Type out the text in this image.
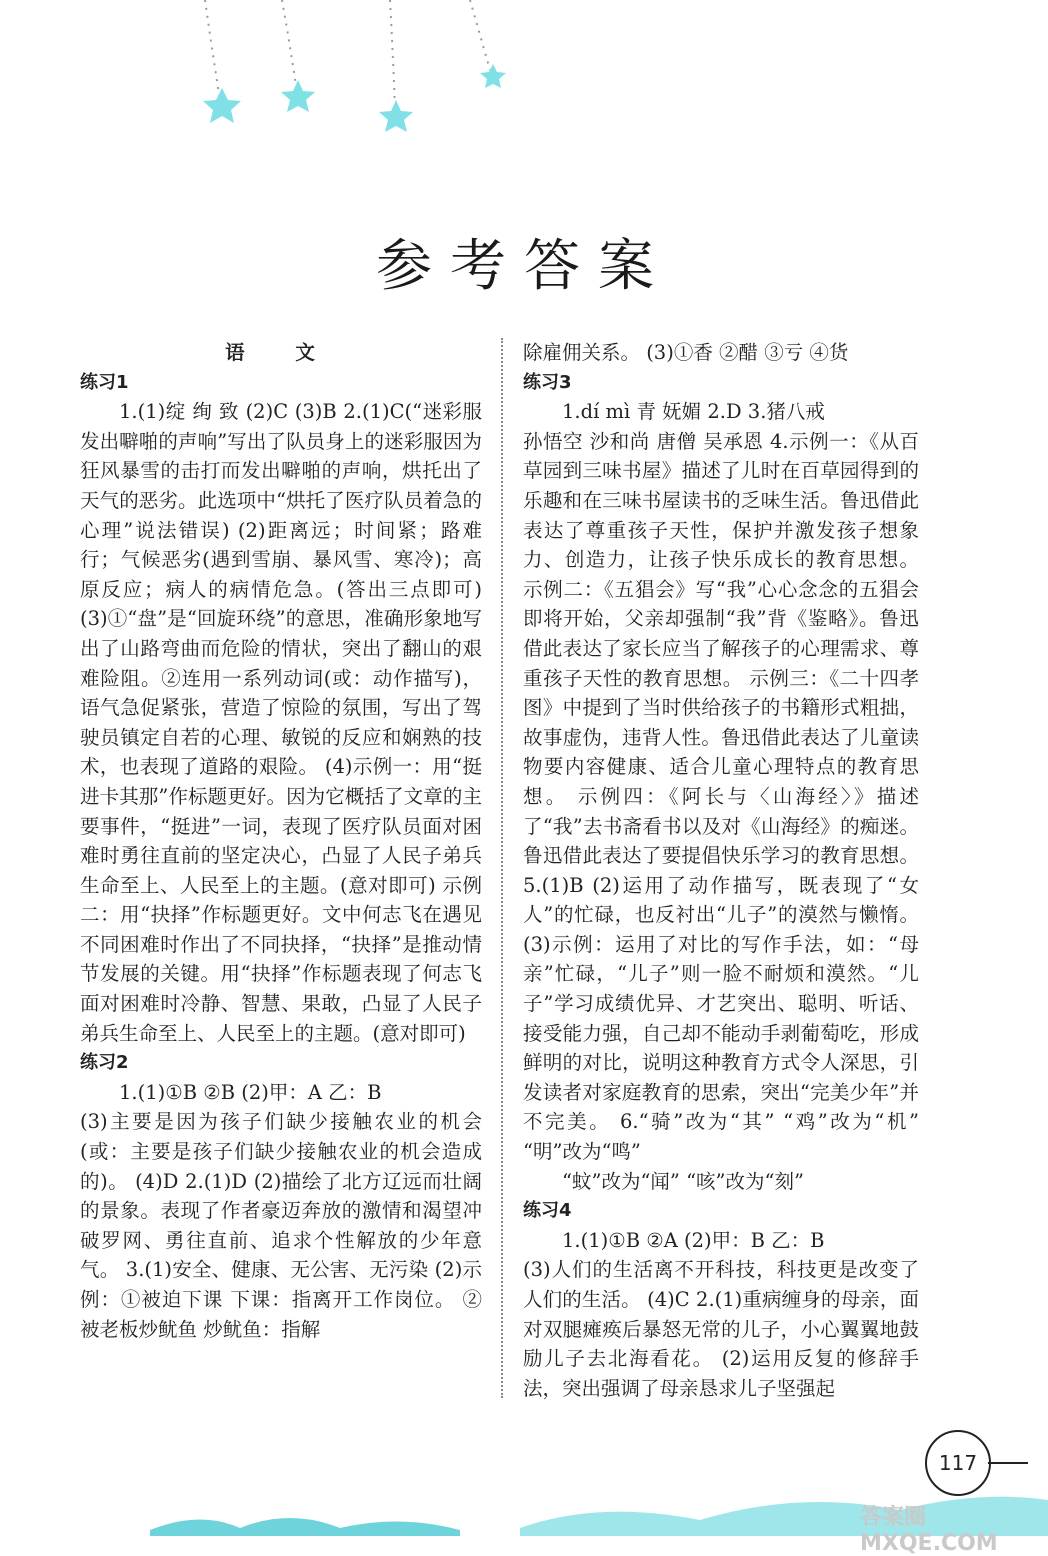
参考答案

语 文

练习1

1.(1)绽 绚 致 (2)C (3)B 2.(1)C(“迷彩服发出噼啪的声响”写出了队员身上的迷彩服因为狂风暴雪的击打而发出噼啪的声响，烘托出了天气的恶劣。此选项中“烘托了医疗队员着急的心理”说法错误) (2)距离远；时间紧；路难行；气候恶劣(遇到雪崩、暴风雪、寒冷)；高原反应；病人的病情危急。(答出三点即可) (3)①“盘”是“回旋环绕”的意思，准确形象地写出了山路弯曲而危险的情状，突出了翻山的艰难险阻。②连用一系列动词(或：动作描写)，语气急促紧张，营造了惊险的氛围，写出了驾驶员镇定自若的心理、敏锐的反应和娴熟的技术，也表现了道路的艰险。 (4)示例一：用“挺进卡其那”作标题更好。因为它概括了文章的主要事件，“挺进”一词，表现了医疗队员面对困难时勇往直前的坚定决心，凸显了人民子弟兵生命至上、人民至上的主题。(意对即可) 示例二：用“抉择”作标题更好。文中何志飞在遇见不同困难时作出了不同抉择，“抉择”是推动情节发展的关键。用“抉择”作标题表现了何志飞面对困难时冷静、智慧、果敢，凸显了人民子弟兵生命至上、人民至上的主题。(意对即可)

练习2

1.(1)①B ②B (2)甲：A 乙：B

(3)主要是因为孩子们缺少接触农业的机会(或：主要是孩子们缺少接触农业的机会造成的)。 (4)D 2.(1)D (2)描绘了北方辽远而壮阔的景象。表现了作者豪迈奔放的激情和渴望冲破罗网、勇往直前、追求个性解放的少年意气。 3.(1)安全、健康、无公害、无污染 (2)示例：①被迫下课 下课：指离开工作岗位。 ②被老板炒鱿鱼 炒鱿鱼：指解

除雇佣关系。 (3)①香 ②醋 ③亏 ④货

练习3

1.dí mì 青 妩媚 2.D 3.猪八戒

孙悟空 沙和尚 唐僧 吴承恩 4.示例一：《从百草园到三味书屋》描述了儿时在百草园得到的乐趣和在三味书屋读书的乏味生活。鲁迅借此表达了尊重孩子天性，保护并激发孩子想象力、创造力，让孩子快乐成长的教育思想。 示例二：《五猖会》写“我”心心念念的五猖会即将开始，父亲却强制“我”背《鉴略》。鲁迅借此表达了家长应当了解孩子的心理需求、尊重孩子天性的教育思想。 示例三：《二十四孝图》中提到了当时供给孩子的书籍形式粗拙，故事虚伪，违背人性。鲁迅借此表达了儿童读物要内容健康、适合儿童心理特点的教育思想。 示例四：《阿长与〈山海经〉》描述了“我”去书斋看书以及对《山海经》的痴迷。鲁迅借此表达了要提倡快乐学习的教育思想。 5.(1)B (2)运用了动作描写，既表现了“女人”的忙碌，也反衬出“儿子”的漠然与懒惰。 (3)示例：运用了对比的写作手法，如：“母亲”忙碌，“儿子”则一脸不耐烦和漠然。“儿子”学习成绩优异、才艺突出、聪明、听话、接受能力强，自己却不能动手剥葡萄吃，形成鲜明的对比，说明这种教育方式令人深思，引发读者对家庭教育的思索，突出“完美少年”并不完美。 6.“骑”改为“其” “鸡”改为“机” “明”改为“鸣”

“蚊”改为“闻” “咳”改为“刻”

练习4

1.(1)①B ②A (2)甲：B 乙：B

(3)人们的生活离不开科技，科技更是改变了人们的生活。 (4)C 2.(1)重病缠身的母亲，面对双腿瘫痪后暴怒无常的儿子，小心翼翼地鼓励儿子去北海看花。 (2)运用反复的修辞手法，突出强调了母亲恳求儿子坚强起

117
答案圈 MXQE.COM
